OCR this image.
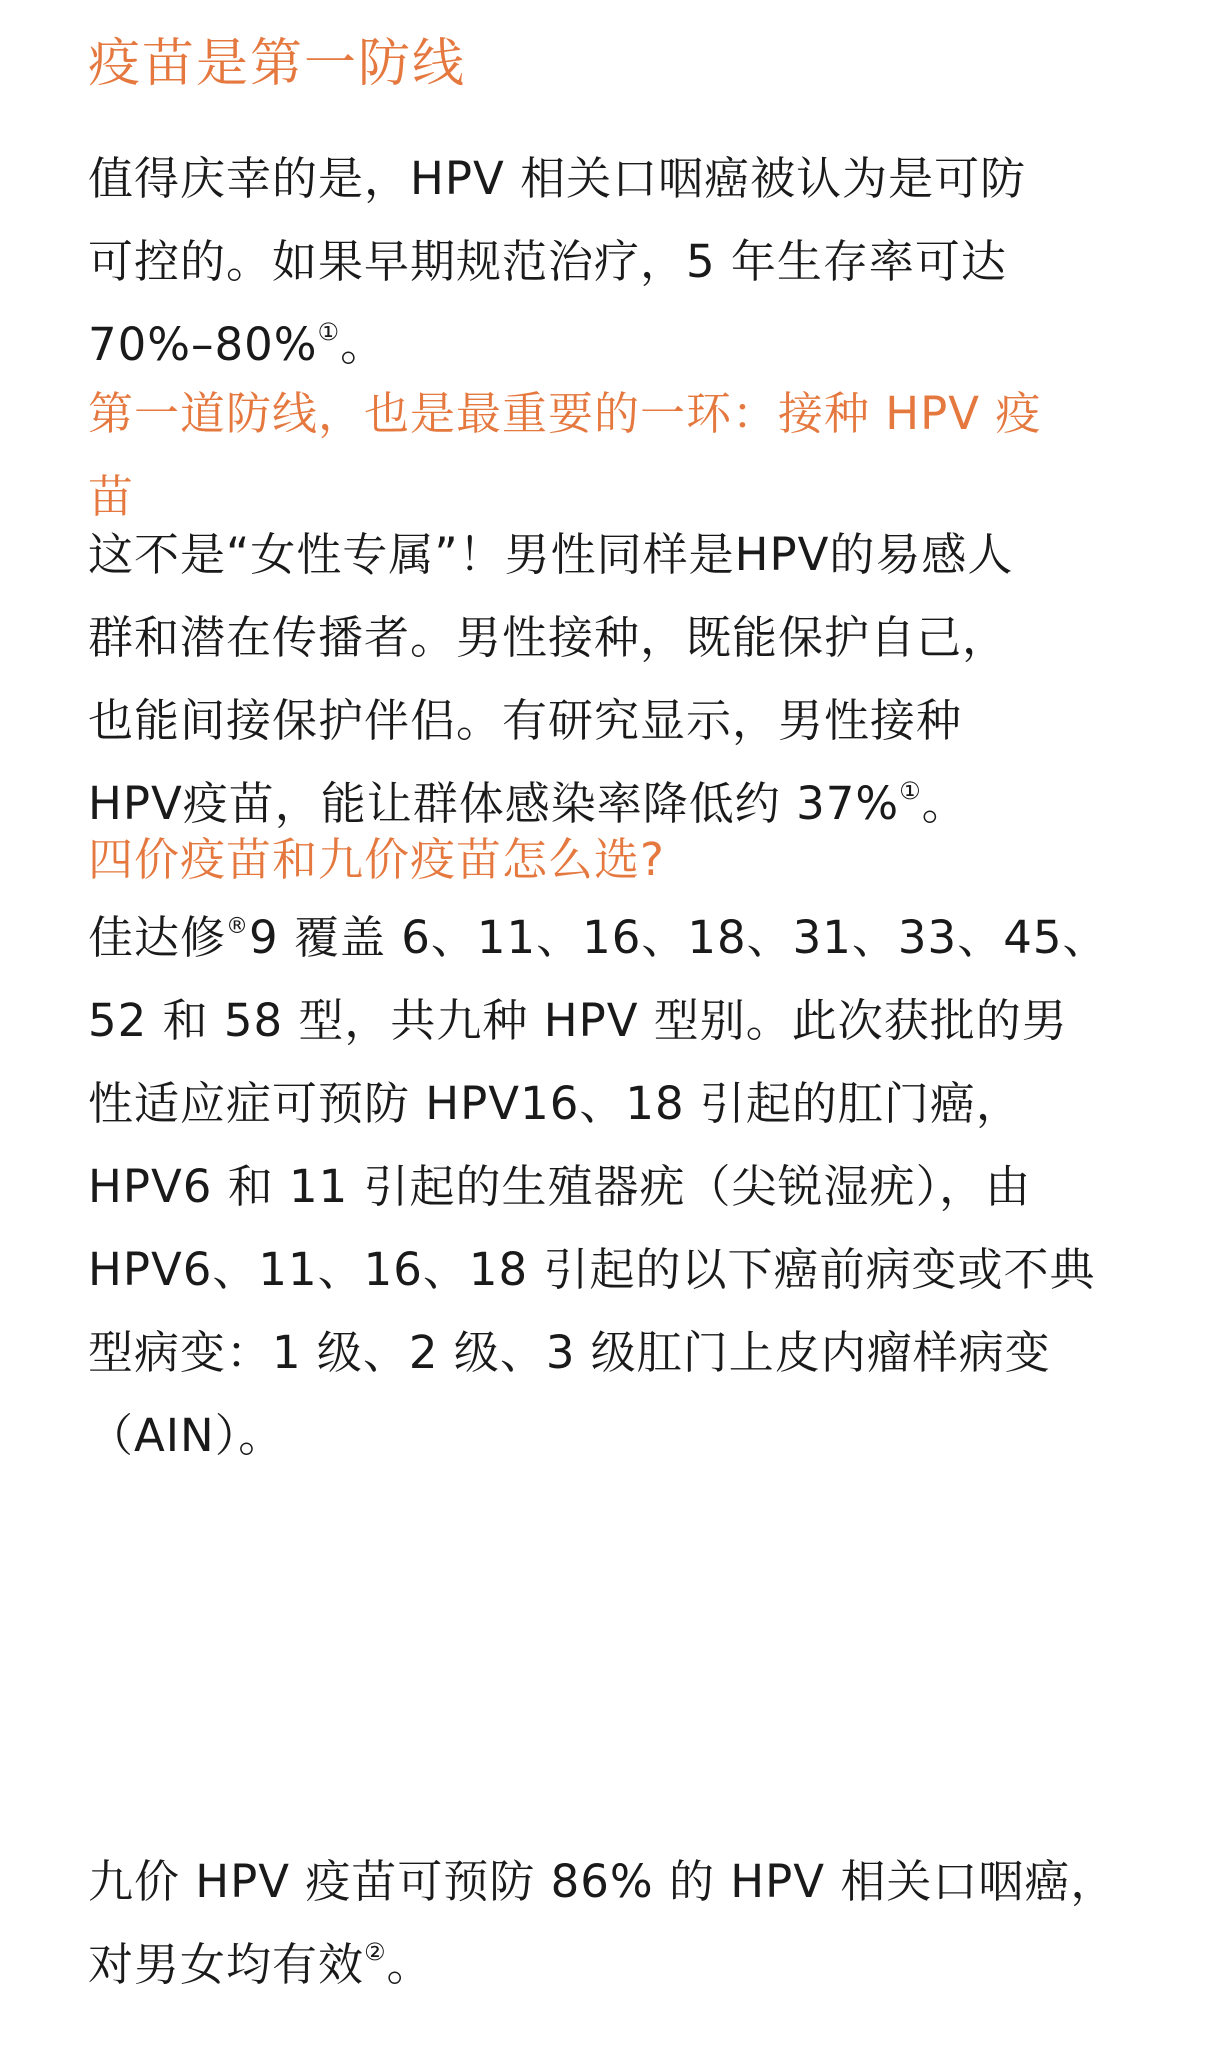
疫苗是第一防线

值得庆幸的是，HPV 相关口咽癌被认为是可防
可控的。如果早期规范治疗，5 年生存率可达
70%–80%①。

第一道防线，也是最重要的一环：接种 HPV 疫
苗

这不是“女性专属”！男性同样是HPV的易感人
群和潜在传播者。男性接种，既能保护自己，
也能间接保护伴侣。有研究显示，男性接种
HPV疫苗，能让群体感染率降低约 37%①。

四价疫苗和九价疫苗怎么选?

佳达修®9 覆盖 6、11、16、18、31、33、45、
52 和 58 型，共九种 HPV 型别。此次获批的男
性适应症可预防 HPV16、18 引起的肛门癌，
HPV6 和 11 引起的生殖器疣（尖锐湿疣），由
HPV6、11、16、18 引起的以下癌前病变或不典
型病变：1 级、2 级、3 级肛门上皮内瘤样病变
（AIN）。

九价 HPV 疫苗可预防 86% 的 HPV 相关口咽癌，
对男女均有效②。
